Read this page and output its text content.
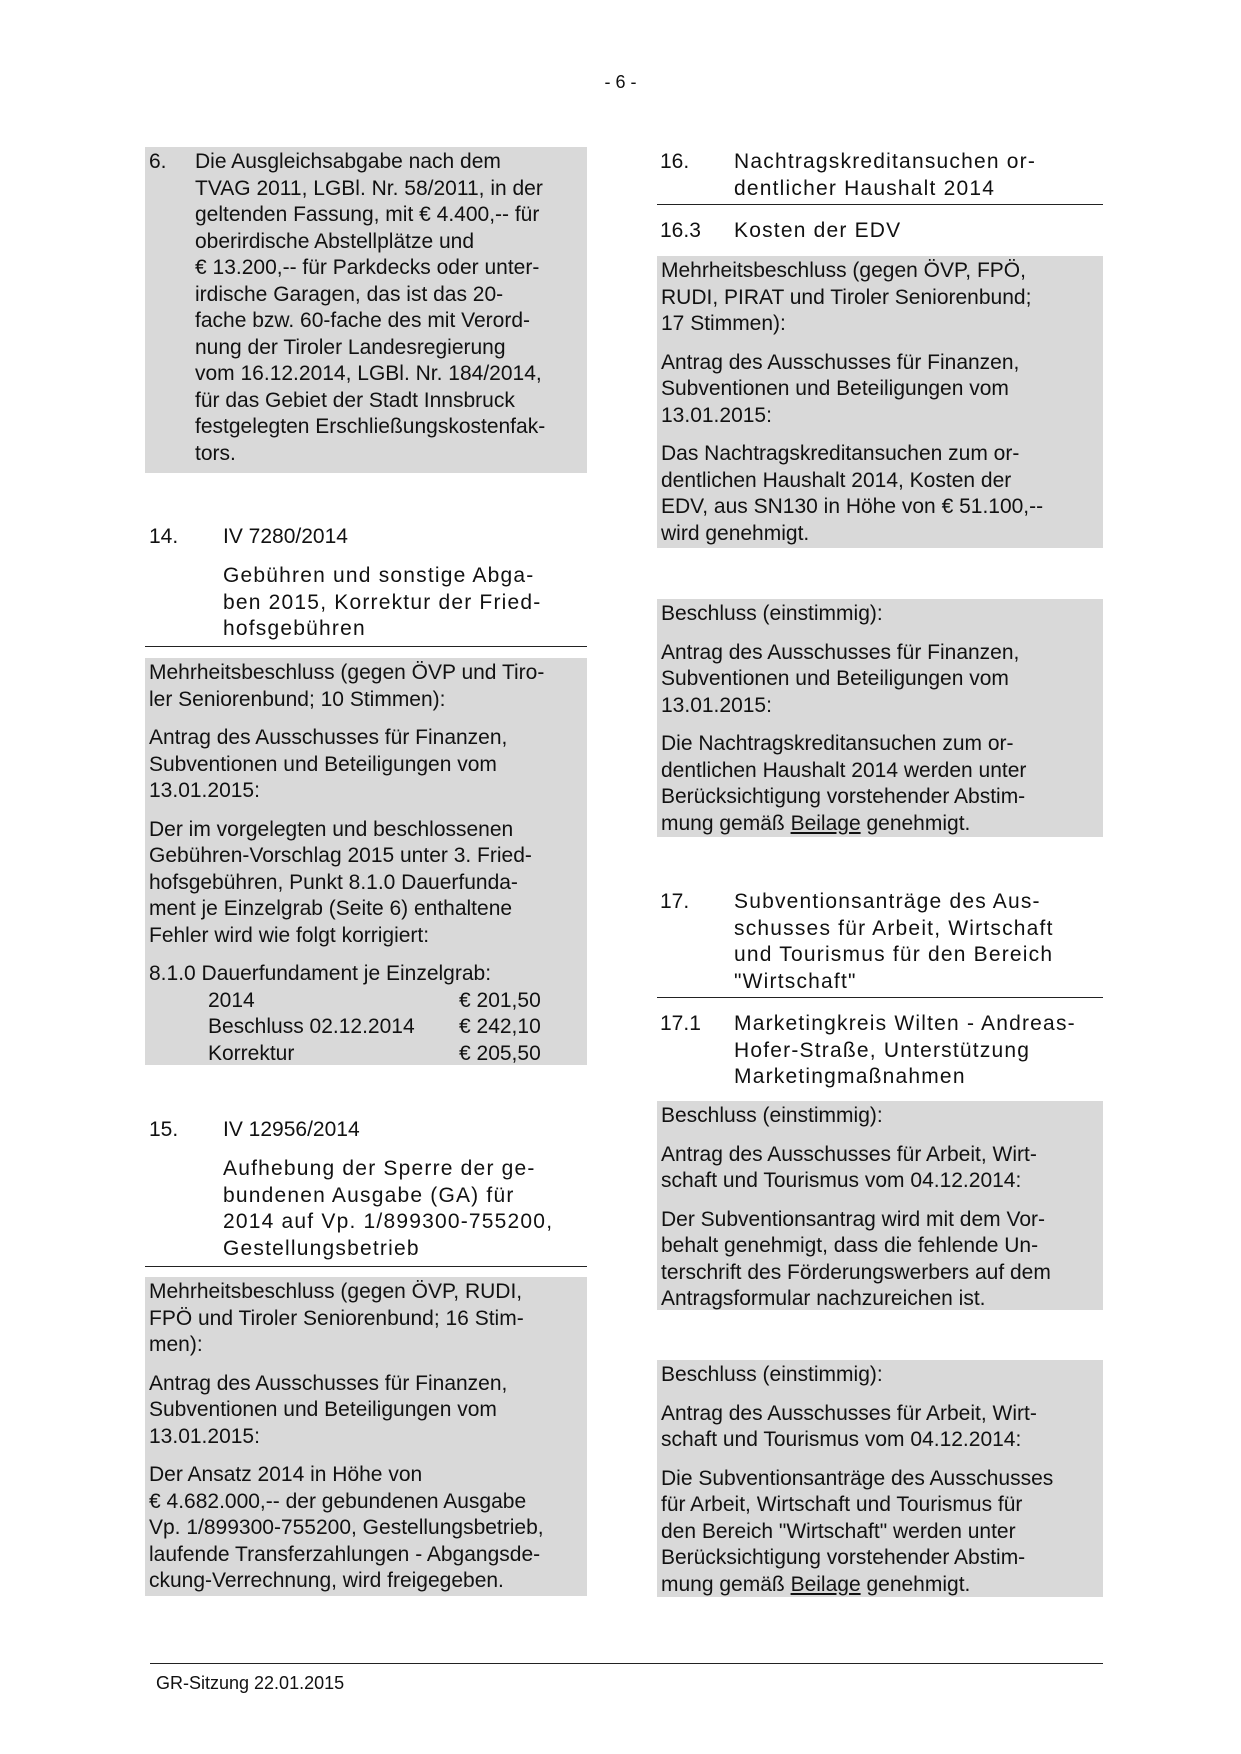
- 6 -
6. Die Ausgleichsabgabe nach dem
TVAG 2011, LGBl. Nr. 58/2011, in der
geltenden Fassung, mit € 4.400,-- für
oberirdische Abstellplätze und
€ 13.200,-- für Parkdecks oder unter-
irdische Garagen, das ist das 20-
fache bzw. 60-fache des mit Verord-
nung der Tiroler Landesregierung
vom 16.12.2014, LGBl. Nr. 184/2014,
für das Gebiet der Stadt Innsbruck
festgelegten Erschließungskostenfak-
tors.
14. IV 7280/2014
Gebühren und sonstige Abga-
ben 2015, Korrektur der Fried-
hofsgebühren
Mehrheitsbeschluss (gegen ÖVP und Tiro-
ler Seniorenbund; 10 Stimmen):
Antrag des Ausschusses für Finanzen,
Subventionen und Beteiligungen vom
13.01.2015:
Der im vorgelegten und beschlossenen
Gebühren-Vorschlag 2015 unter 3. Fried-
hofsgebühren, Punkt 8.1.0 Dauerfunda-
ment je Einzelgrab (Seite 6) enthaltene
Fehler wird wie folgt korrigiert:
8.1.0 Dauerfundament je Einzelgrab:
2014	€ 201,50
Beschluss 02.12.2014	€ 242,10
Korrektur	€ 205,50
15. IV 12956/2014
Aufhebung der Sperre der ge-
bundenen Ausgabe (GA) für
2014 auf Vp. 1/899300-755200,
Gestellungsbetrieb
Mehrheitsbeschluss (gegen ÖVP, RUDI,
FPÖ und Tiroler Seniorenbund; 16 Stim-
men):
Antrag des Ausschusses für Finanzen,
Subventionen und Beteiligungen vom
13.01.2015:
Der Ansatz 2014 in Höhe von
€ 4.682.000,-- der gebundenen Ausgabe
Vp. 1/899300-755200, Gestellungsbetrieb,
laufende Transferzahlungen - Abgangsde-
ckung-Verrechnung, wird freigegeben.
16. Nachtragskreditansuchen or-
dentlicher Haushalt 2014
16.3 Kosten der EDV
Mehrheitsbeschluss (gegen ÖVP, FPÖ,
RUDI, PIRAT und Tiroler Seniorenbund;
17 Stimmen):
Antrag des Ausschusses für Finanzen,
Subventionen und Beteiligungen vom
13.01.2015:
Das Nachtragskreditansuchen zum or-
dentlichen Haushalt 2014, Kosten der
EDV, aus SN130 in Höhe von € 51.100,--
wird genehmigt.
Beschluss (einstimmig):
Antrag des Ausschusses für Finanzen,
Subventionen und Beteiligungen vom
13.01.2015:
Die Nachtragskreditansuchen zum or-
dentlichen Haushalt 2014 werden unter
Berücksichtigung vorstehender Abstim-
mung gemäß Beilage genehmigt.
17. Subventionsanträge des Aus-
schusses für Arbeit, Wirtschaft
und Tourismus für den Bereich
"Wirtschaft"
17.1 Marketingkreis Wilten - Andreas-
Hofer-Straße, Unterstützung
Marketingmaßnahmen
Beschluss (einstimmig):
Antrag des Ausschusses für Arbeit, Wirt-
schaft und Tourismus vom 04.12.2014:
Der Subventionsantrag wird mit dem Vor-
behalt genehmigt, dass die fehlende Un-
terschrift des Förderungswerbers auf dem
Antragsformular nachzureichen ist.
Beschluss (einstimmig):
Antrag des Ausschusses für Arbeit, Wirt-
schaft und Tourismus vom 04.12.2014:
Die Subventionsanträge des Ausschusses
für Arbeit, Wirtschaft und Tourismus für
den Bereich "Wirtschaft" werden unter
Berücksichtigung vorstehender Abstim-
mung gemäß Beilage genehmigt.
GR-Sitzung 22.01.2015
